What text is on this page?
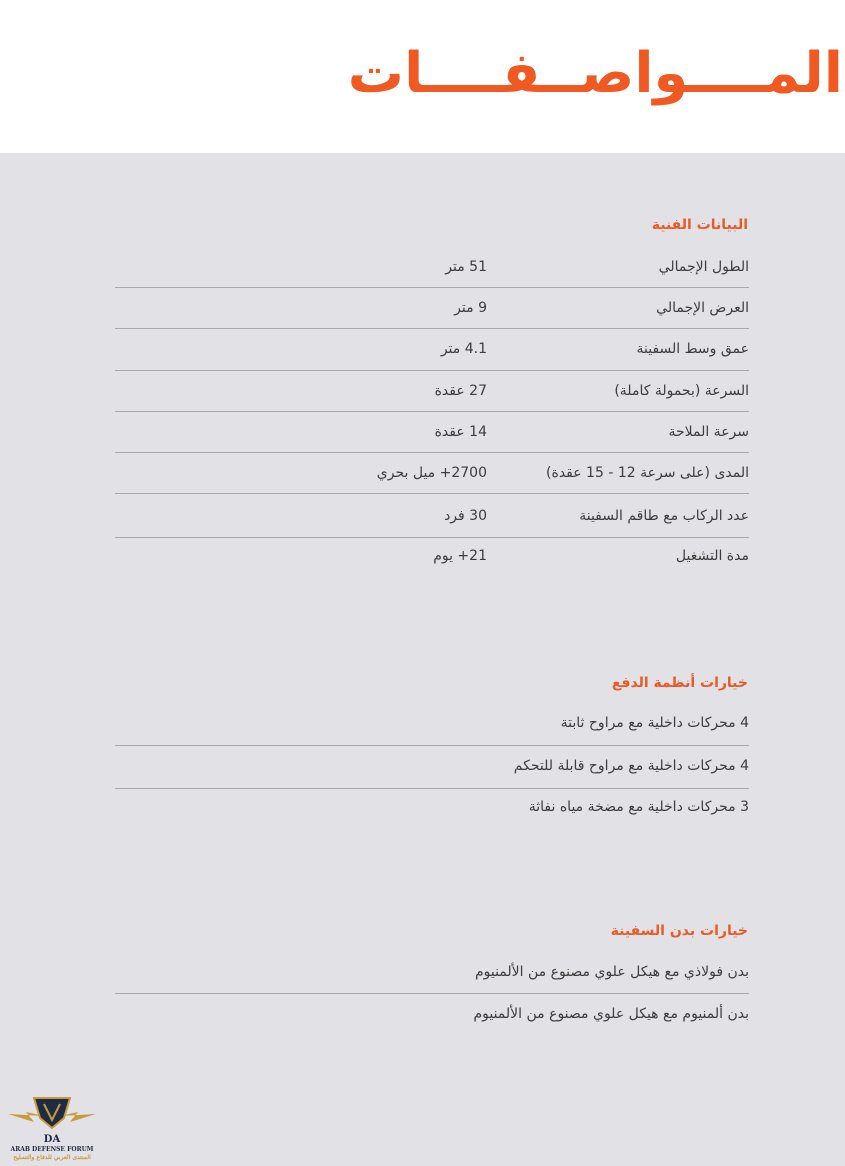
المــــواصــفــــات
البيانات الفنية
الطول الإجمالي
51 متر
العرض الإجمالي
9 متر
عمق وسط السفينة
4.1 متر
السرعة (بحمولة كاملة)
27 عقدة
سرعة الملاحة
14 عقدة
المدى (على سرعة 12 - 15 عقدة)
2700+ ميل بحري
عدد الركاب مع طاقم السفينة
30 فرد
مدة التشغيل
21+ يوم
خيارات أنظمة الدفع
4 محركات داخلية مع مراوح ثابتة
4 محركات داخلية مع مراوح قابلة للتحكم
3 محركات داخلية مع مضخة مياه نفاثة
خيارات بدن السفينة
بدن فولاذي مع هيكل علوي مصنوع من الألمنيوم
بدن ألمنيوم مع هيكل علوي مصنوع من الألمنيوم
DA
ARAB DEFENSE FORUM
المنتدى العربي للدفاع والتسليح
